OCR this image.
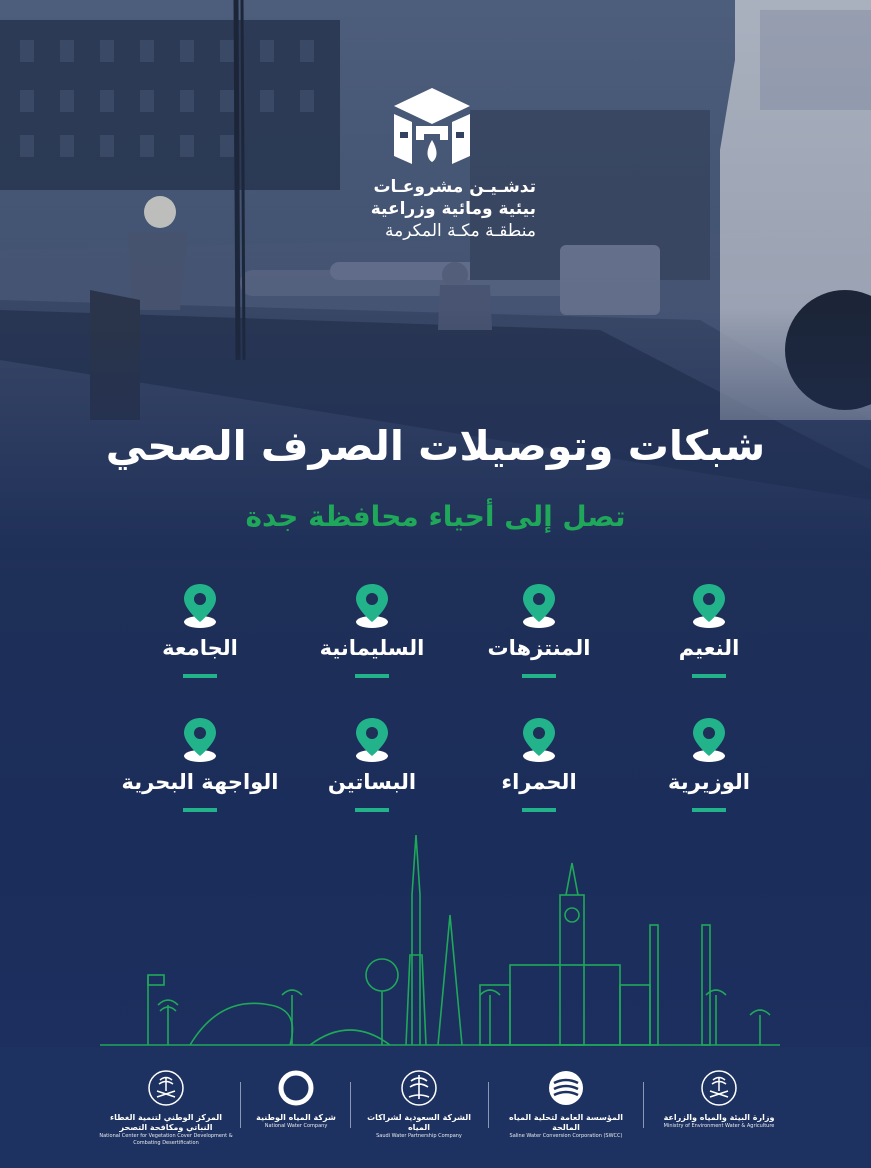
تدشـيـن مشروعـات
بيئية ومائية وزراعية
منطقـة مكـة المكرمة
شبكات وتوصيلات الصرف الصحي
تصل إلى أحياء محافظة جدة
النعيم
المنتزهات
السليمانية
الجامعة
الوزيرية
الحمراء
البساتين
الواجهة البحرية
وزارة البيئة والمياه والزراعة
Ministry of Environment Water & Agriculture
المؤسسة العامة لتحلية المياه المالحة
Saline Water Conversion Corporation (SWCC)
الشركة السعودية لشراكات المياه
Saudi Water Partnership Company
شركة المياه الوطنية
National Water Company
المركز الوطني لتنمية الغطاء النباتي ومكافحة التصحر
National Center for Vegetation Cover Development & Combating Desertification
